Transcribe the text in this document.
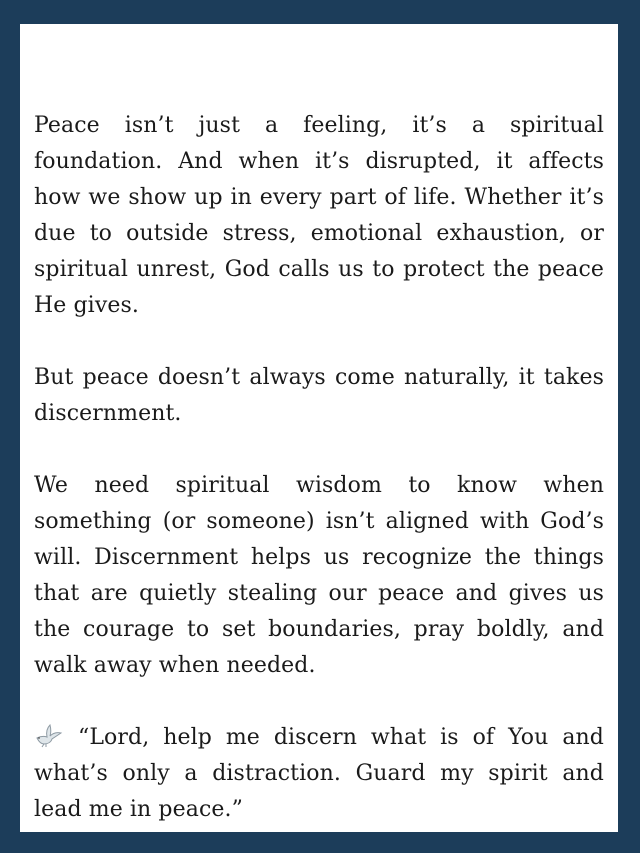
Peace isn’t just a feeling, it’s a spiritual foundation. And when it’s disrupted, it affects how we show up in every part of life. Whether it’s due to outside stress, emotional exhaustion, or spiritual unrest, God calls us to protect the peace He gives.

But peace doesn’t always come naturally, it takes discernment.

We need spiritual wisdom to know when something (or someone) isn’t aligned with God’s will. Discernment helps us recognize the things that are quietly stealing our peace and gives us the courage to set boundaries, pray boldly, and walk away when needed.

“Lord, help me discern what is of You and what’s only a distraction. Guard my spirit and lead me in peace.”
